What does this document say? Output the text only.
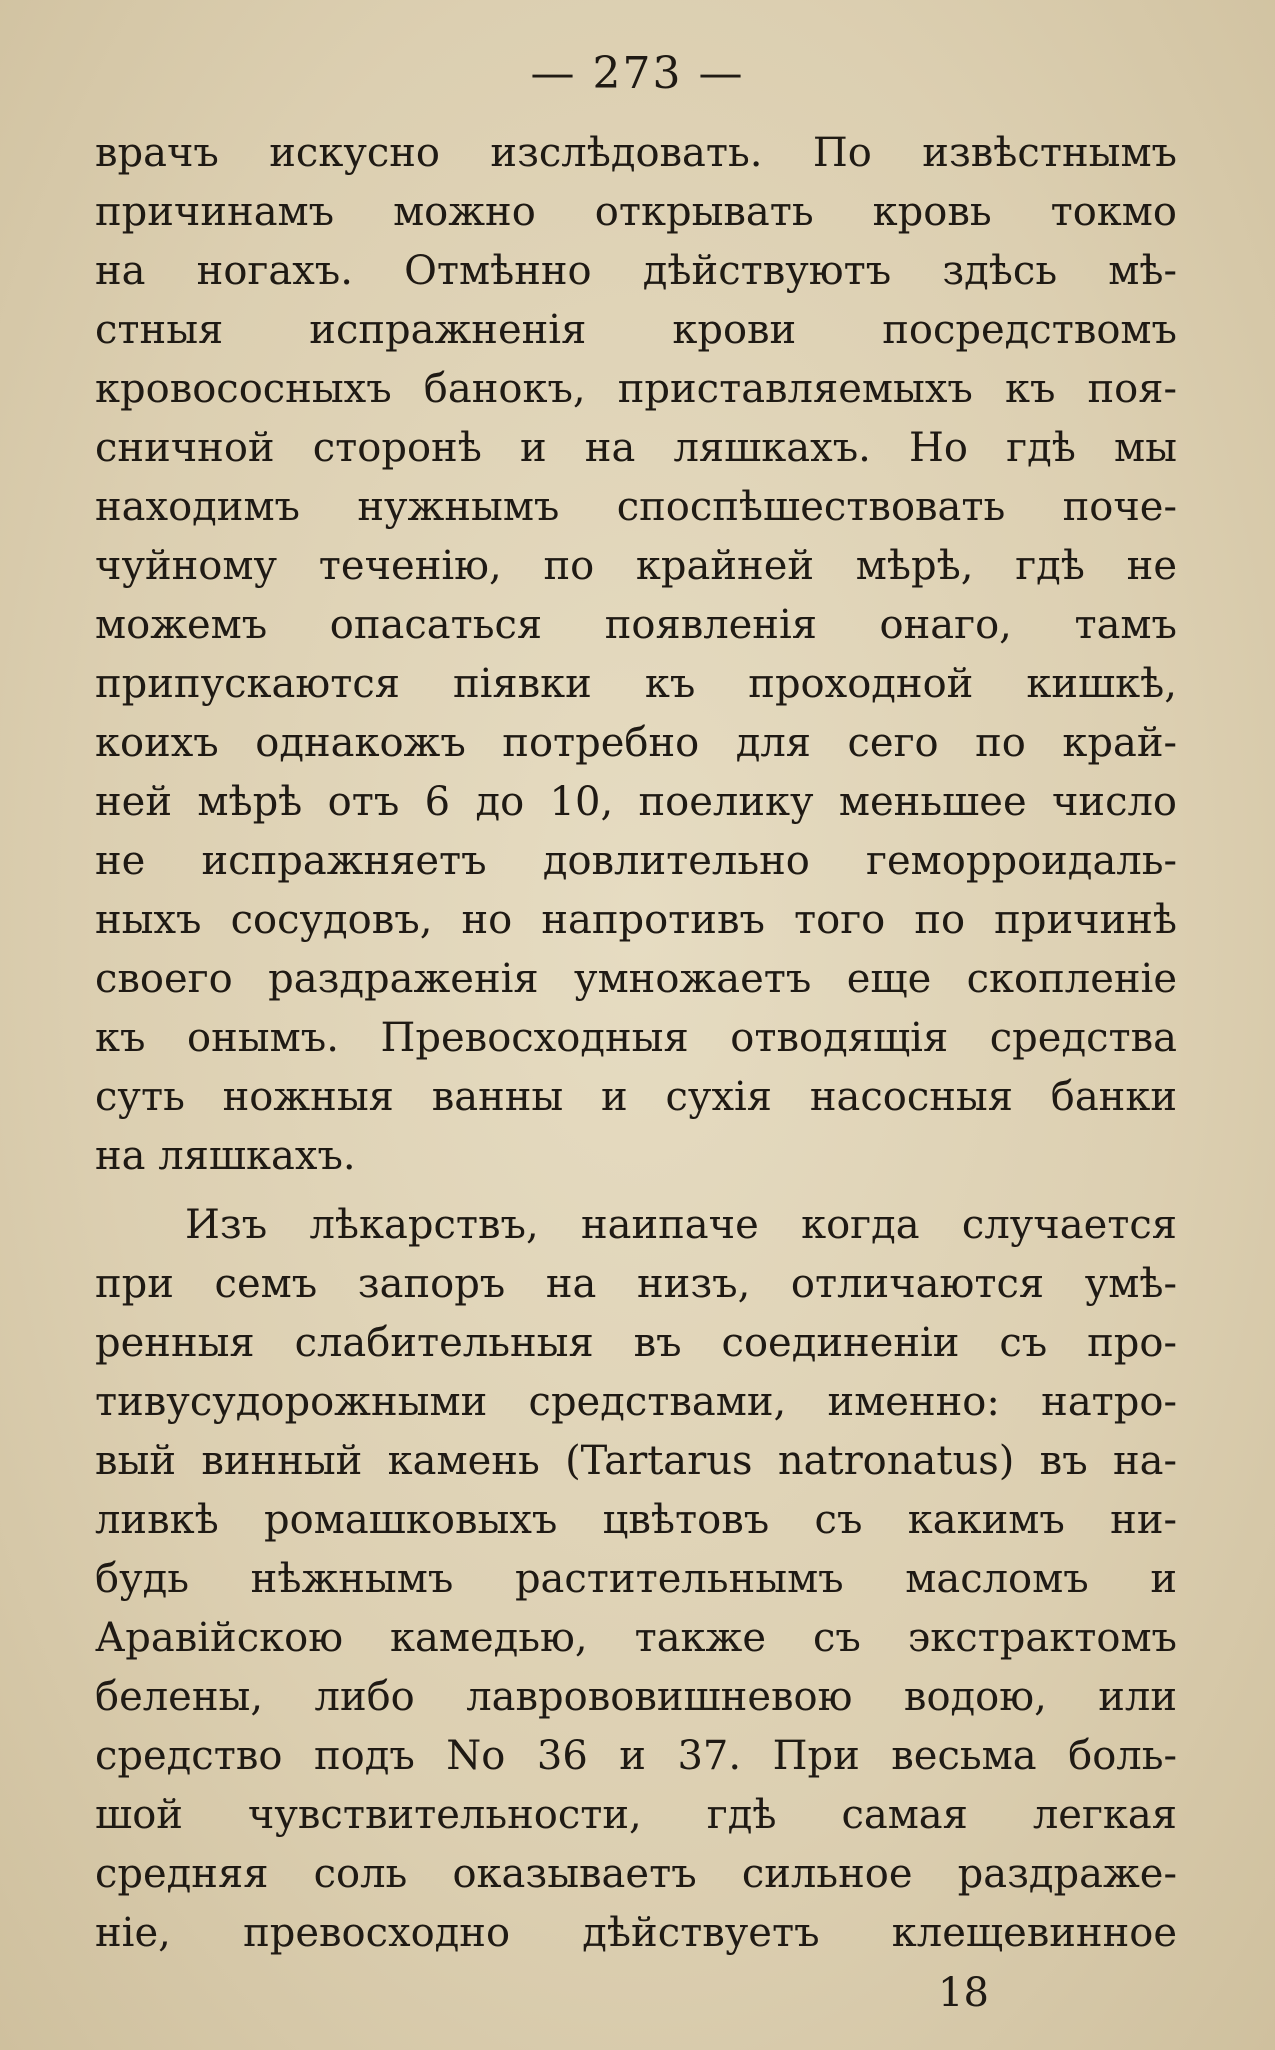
— 273 —
врачъ искусно изслѣдовать. По извѣстнымъ
причинамъ можно открывать кровь токмо
на ногахъ. Отмѣнно дѣйствуютъ здѣсь мѣ-
стныя испражненія крови посредствомъ
кровососныхъ банокъ, приставляемыхъ къ поя-
сничной сторонѣ и на ляшкахъ. Но гдѣ мы
находимъ нужнымъ споспѣшествовать поче-
чуйному теченію, по крайней мѣрѣ, гдѣ не
можемъ опасаться появленія онаго, тамъ
припускаются піявки къ проходной кишкѣ,
коихъ однакожъ потребно для сего по край-
ней мѣрѣ отъ 6 до 10, поелику меньшее число
не испражняетъ довлительно геморроидаль-
ныхъ сосудовъ, но напротивъ того по причинѣ
своего раздраженія умножаетъ еще скопленіе
къ онымъ. Превосходныя отводящія средства
суть ножныя ванны и сухія насосныя банки
на ляшкахъ.
Изъ лѣкарствъ, наипаче когда случается
при семъ запоръ на низъ, отличаются умѣ-
ренныя слабительныя въ соединеніи съ про-
тивусудорожными средствами, именно: натро-
вый винный камень (Tartarus natronatus) въ на-
ливкѣ ромашковыхъ цвѣтовъ съ какимъ ни-
будь нѣжнымъ растительнымъ масломъ и
Аравійскою камедью, также съ экстрактомъ
белены, либо лаврововишневою водою, или
средство подъ No 36 и 37. При весьма боль-
шой чувствительности, гдѣ самая легкая
средняя соль оказываетъ сильное раздраже-
ніе, превосходно дѣйствуетъ клещевинное
18
